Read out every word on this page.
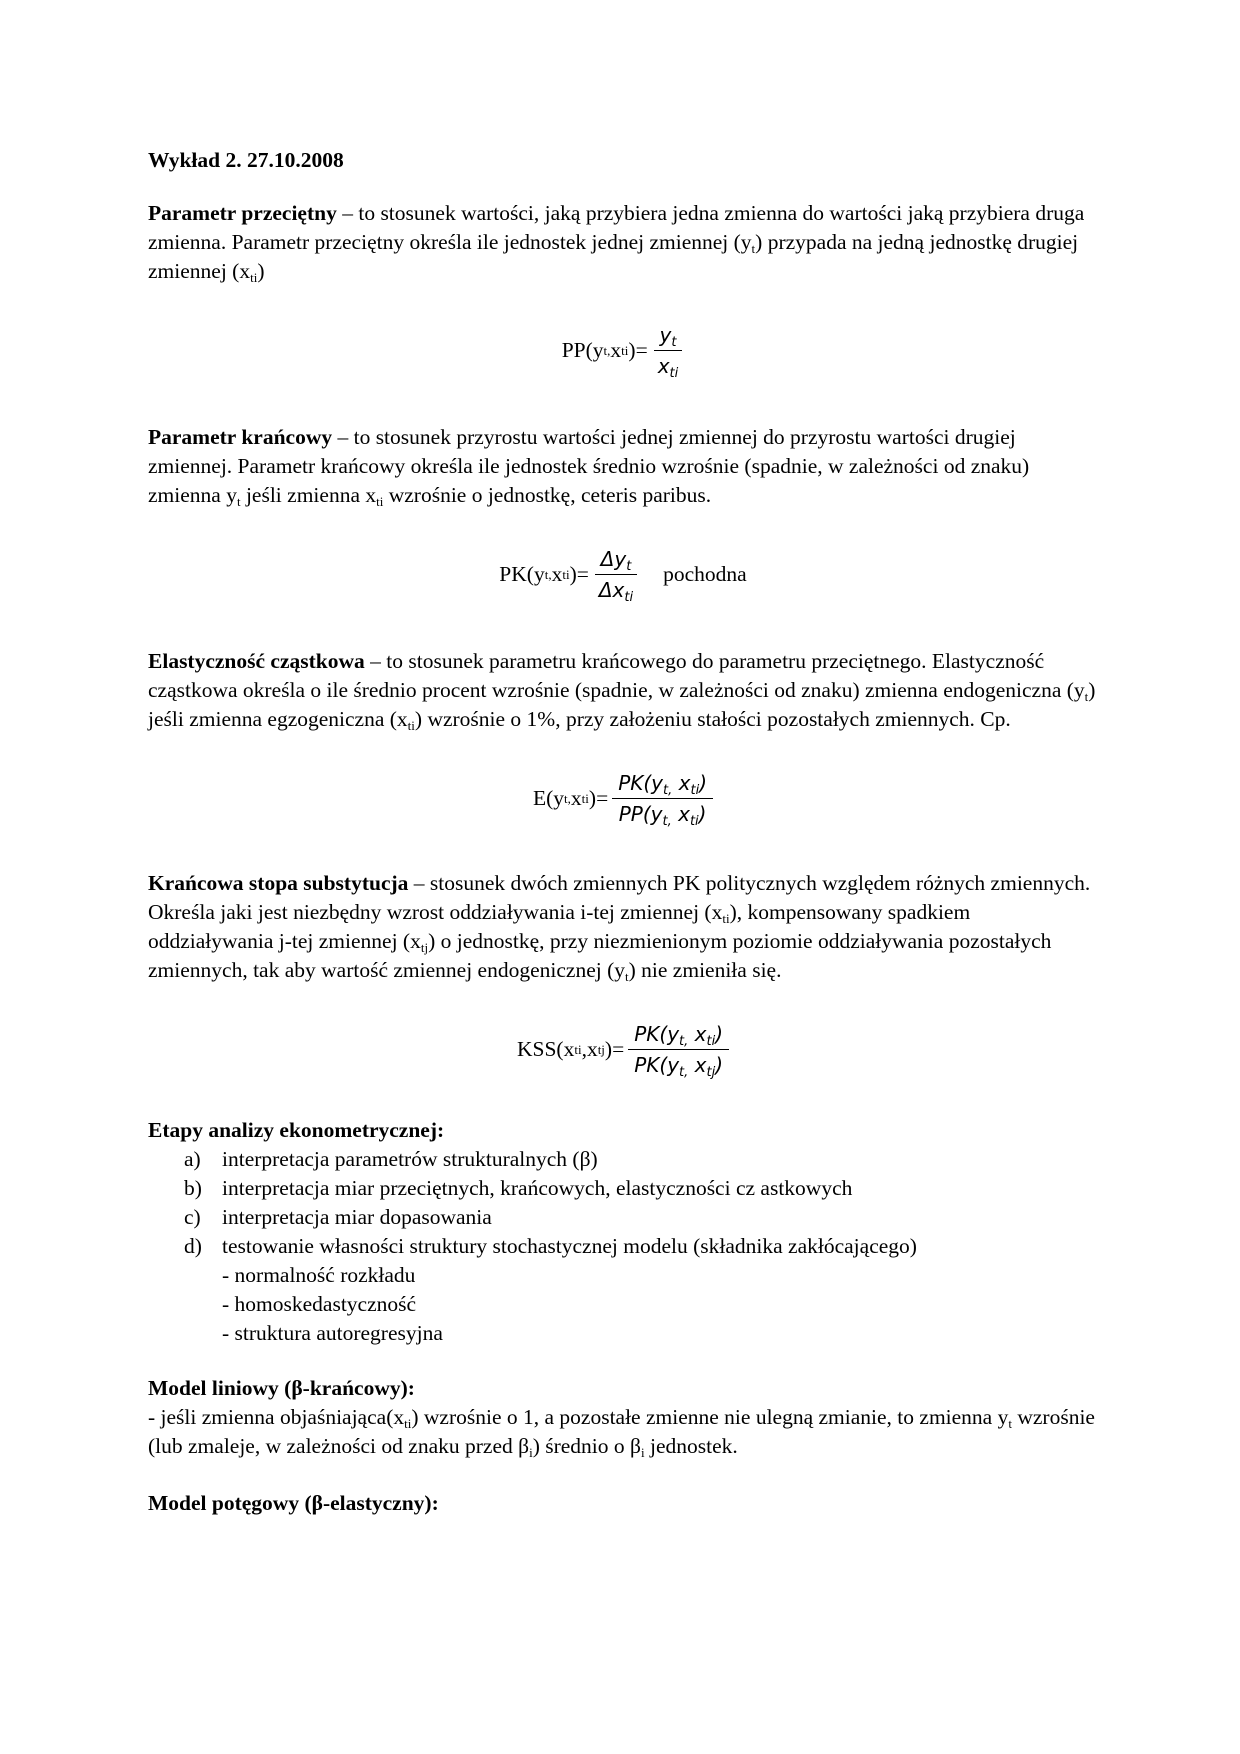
Wykład 2. 27.10.2008

Parametr przeciętny – to stosunek wartości, jaką przybiera jedna zmienna do wartości jaką przybiera druga zmienna. Parametr przeciętny określa ile jednostek jednej zmiennej $(y_t)$ przypada na jedną jednostkę drugiej zmiennej $(x_{ti})$

PP(y t, x ti )= $\frac{y_t}{x_{ti}}$

Parametr krańcowy – to stosunek przyrostu wartości jednej zmiennej do przyrostu wartości drugiej zmiennej. Parametr krańcowy określa ile jednostek średnio wzrośnie (spadnie, w zależności od znaku) zmienna $y_t$ jeśli zmienna $x_{ti}$ wzrośnie o jednostkę, ceteris paribus.

PK(y t, x ti )= $\frac{\Delta y_t}{\Delta x_{ti}}$ pochodna

Elastyczność cząstkowa – to stosunek parametru krańcowego do parametru przeciętnego. Elastyczność cząstkowa określa o ile średnio procent wzrośnie (spadnie, w zależności od znaku) zmienna endogeniczna $(y_t)$ jeśli zmienna egzogeniczna $(x_{ti})$ wzrośnie o 1%, przy założeniu stałości pozostałych zmiennych. Cp.

E(y t, x ti )= $\frac{PK(y_{t,} x_{ti})}{PP(y_{t,} x_{ti})}$

Krańcowa stopa substytucja – stosunek dwóch zmiennych PK politycznych względem różnych zmiennych. Określa jaki jest niezbędny wzrost oddziaływania i-tej zmiennej $(x_{ti})$, kompensowany spadkiem oddziaływania j-tej zmiennej $(x_{tj})$ o jednostkę, przy niezmienionym poziomie oddziaływania pozostałych zmiennych, tak aby wartość zmiennej endogenicznej $(y_t)$ nie zmieniła się.

KSS(x ti , x tj )= $\frac{PK(y_{t,} x_{ti})}{PK(y_{t,} x_{tj})}$

Etapy analizy ekonometrycznej:

a) interpretacja parametrów strukturalnych (β)
b) interpretacja miar przeciętnych, krańcowych, elastyczności cz astkowych
c) interpretacja miar dopasowania
d) testowanie własności struktury stochastycznej modelu (składnika zakłócającego)
- normalność rozkładu
- homoskedastyczność
- struktura autoregresyjna

Model liniowy (β-krańcowy):

- jeśli zmienna $objaśniająca(x_{ti})$ wzrośnie o 1, a pozostałe zmienne nie ulegną zmianie, to zmienna $y_t$ wzrośnie (lub zmaleje, w zależności od znaku przed $\beta_i$) średnio o $\beta_i$ jednostek.

Model potęgowy (β-elastyczny):
